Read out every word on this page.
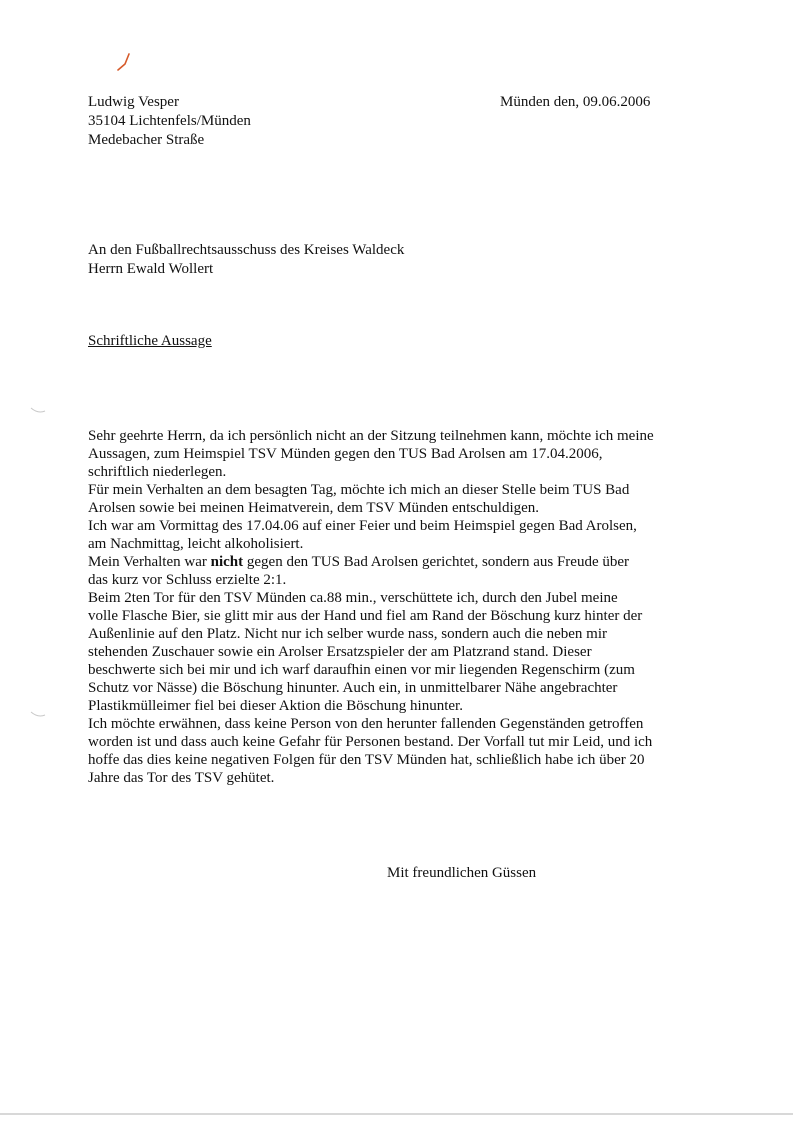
Ludwig Vesper
35104 Lichtenfels/Münden
Medebacher Straße
Münden den, 09.06.2006
An den Fußballrechtsausschuss des Kreises Waldeck
Herrn Ewald Wollert
Schriftliche Aussage
Sehr geehrte Herrn, da ich persönlich nicht an der Sitzung teilnehmen kann, möchte ich meine
Aussagen, zum Heimspiel TSV Münden gegen den TUS Bad Arolsen am 17.04.2006,
schriftlich niederlegen.
Für mein Verhalten an dem besagten Tag, möchte ich mich an dieser Stelle beim TUS Bad
Arolsen sowie bei meinen Heimatverein, dem TSV Münden entschuldigen.
Ich war am Vormittag des 17.04.06 auf einer Feier und beim Heimspiel gegen Bad Arolsen,
am Nachmittag, leicht alkoholisiert.
Mein Verhalten war nicht gegen den TUS Bad Arolsen gerichtet, sondern aus Freude über
das kurz vor Schluss erzielte 2:1.
Beim 2ten Tor für den TSV Münden ca.88 min., verschüttete ich, durch den Jubel meine
volle Flasche Bier, sie glitt mir aus der Hand und fiel am Rand der Böschung kurz hinter der
Außenlinie auf den Platz. Nicht nur ich selber wurde nass, sondern auch die neben mir
stehenden Zuschauer sowie ein Arolser Ersatzspieler der am Platzrand stand. Dieser
beschwerte sich bei mir und ich warf daraufhin einen vor mir liegenden Regenschirm (zum
Schutz vor Nässe) die Böschung hinunter. Auch ein, in unmittelbarer Nähe angebrachter
Plastikmülleimer fiel bei dieser Aktion die Böschung hinunter.
Ich möchte erwähnen, dass keine Person von den herunter fallenden Gegenständen getroffen
worden ist und dass auch keine Gefahr für Personen bestand. Der Vorfall tut mir Leid, und ich
hoffe das dies keine negativen Folgen für den TSV Münden hat, schließlich habe ich über 20
Jahre das Tor des TSV gehütet.
Mit freundlichen Güssen
